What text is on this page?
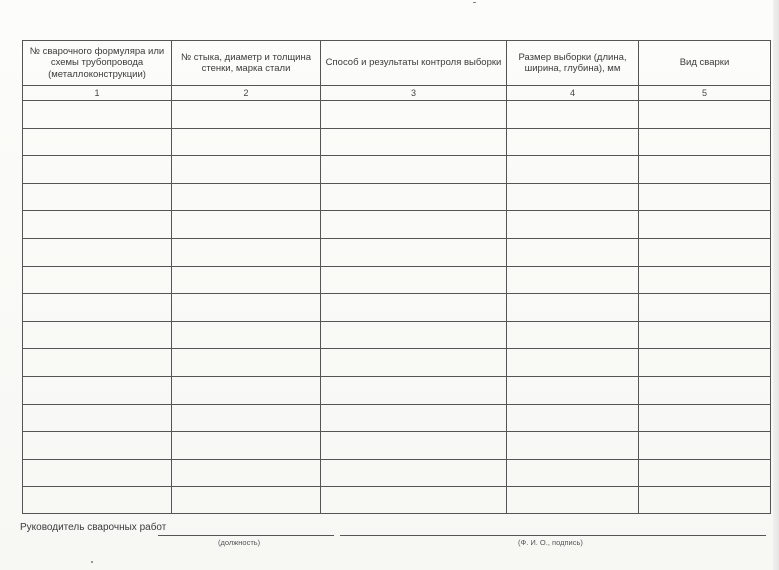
№ сварочного формуляра или схемы трубопровода (металлоконструкции)	№ стыка, диаметр и толщина стенки, марка стали	Способ и результаты контроля выборки	Размер выборки (длина, ширина, глубина), мм	Вид сварки
1	2	3	4	5

Руководитель сварочных работ
(должность)	(Ф. И. О., подпись)
